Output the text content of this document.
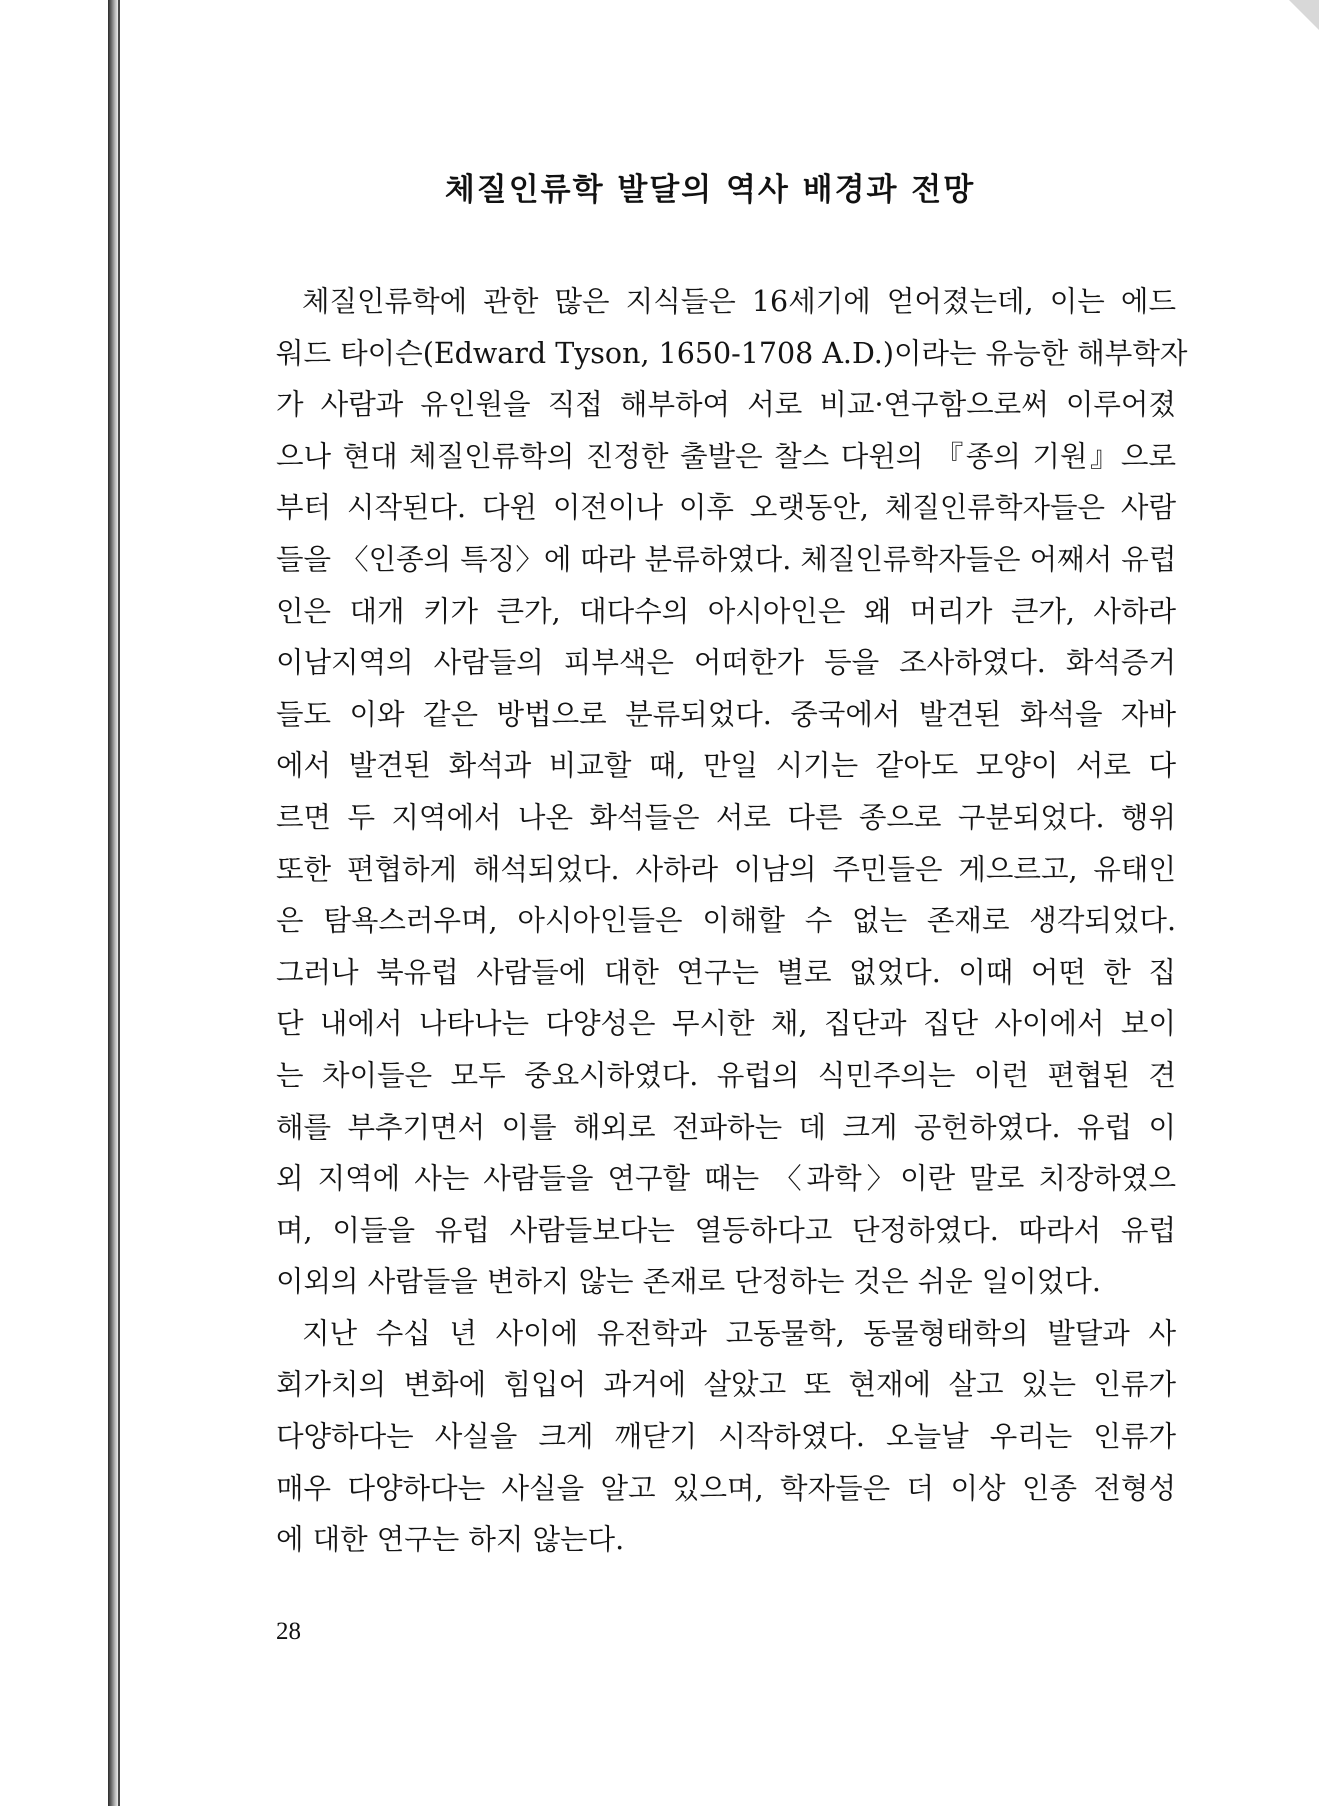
체질인류학 발달의 역사 배경과 전망
체질인류학에 관한 많은 지식들은 16세기에 얻어졌는데, 이는 에드
워드 타이슨(Edward Tyson, 1650-1708 A.D.)이라는 유능한 해부학자
가 사람과 유인원을 직접 해부하여 서로 비교·연구함으로써 이루어졌
으나 현대 체질인류학의 진정한 출발은 찰스 다윈의 『종의 기원』으로
부터 시작된다. 다윈 이전이나 이후 오랫동안, 체질인류학자들은 사람
들을 〈인종의 특징〉에 따라 분류하였다. 체질인류학자들은 어째서 유럽
인은 대개 키가 큰가, 대다수의 아시아인은 왜 머리가 큰가, 사하라
이남지역의 사람들의 피부색은 어떠한가 등을 조사하였다. 화석증거
들도 이와 같은 방법으로 분류되었다. 중국에서 발견된 화석을 자바
에서 발견된 화석과 비교할 때, 만일 시기는 같아도 모양이 서로 다
르면 두 지역에서 나온 화석들은 서로 다른 종으로 구분되었다. 행위
또한 편협하게 해석되었다. 사하라 이남의 주민들은 게으르고, 유태인
은 탐욕스러우며, 아시아인들은 이해할 수 없는 존재로 생각되었다.
그러나 북유럽 사람들에 대한 연구는 별로 없었다. 이때 어떤 한 집
단 내에서 나타나는 다양성은 무시한 채, 집단과 집단 사이에서 보이
는 차이들은 모두 중요시하였다. 유럽의 식민주의는 이런 편협된 견
해를 부추기면서 이를 해외로 전파하는 데 크게 공헌하였다. 유럽 이
외 지역에 사는 사람들을 연구할 때는 〈과학〉이란 말로 치장하였으
며, 이들을 유럽 사람들보다는 열등하다고 단정하였다. 따라서 유럽
이외의 사람들을 변하지 않는 존재로 단정하는 것은 쉬운 일이었다.
지난 수십 년 사이에 유전학과 고동물학, 동물형태학의 발달과 사
회가치의 변화에 힘입어 과거에 살았고 또 현재에 살고 있는 인류가
다양하다는 사실을 크게 깨닫기 시작하였다. 오늘날 우리는 인류가
매우 다양하다는 사실을 알고 있으며, 학자들은 더 이상 인종 전형성
에 대한 연구는 하지 않는다.
28
